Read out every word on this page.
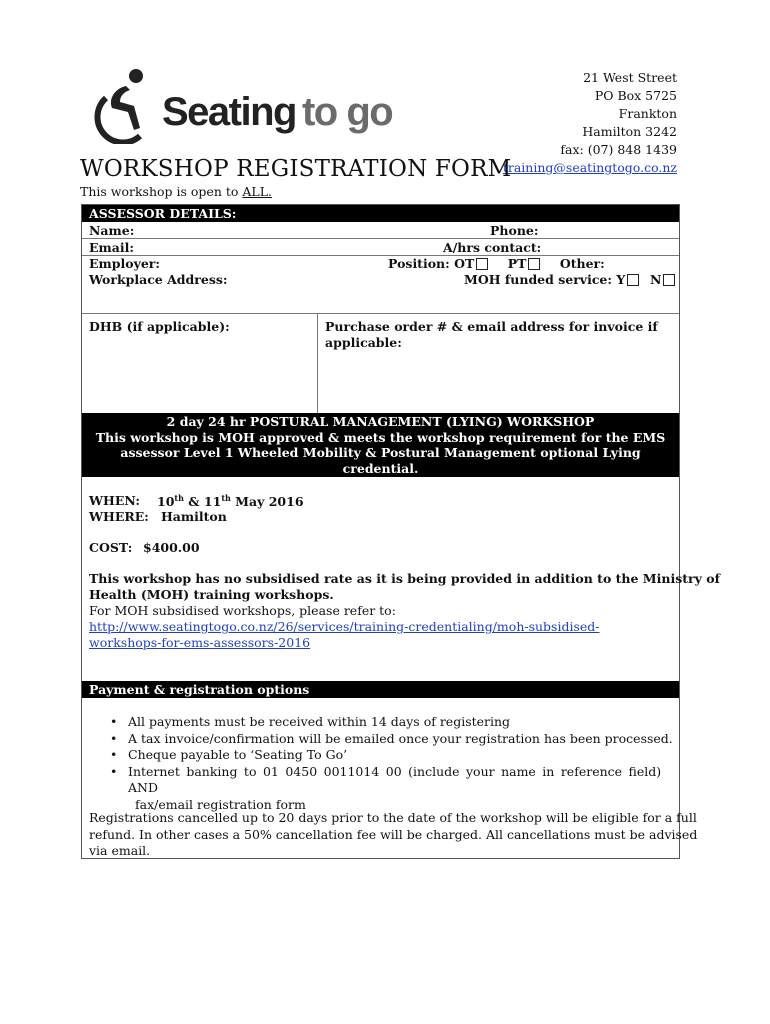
Seating to go
21 West Street
PO Box 5725
Frankton
Hamilton 3242
fax: (07) 848 1439
training@seatingtogo.co.nz
WORKSHOP REGISTRATION FORM
This workshop is open to ALL.
ASSESSOR DETAILS:
Name:	Phone:
Email:	A/hrs contact:
Employer:	Position: OT	PT	Other:
Workplace Address:	MOH funded service: Y N
DHB (if applicable):	Purchase order # & email address for invoice if
applicable:
2 day 24 hr POSTURAL MANAGEMENT (LYING) WORKSHOP
This workshop is MOH approved & meets the workshop requirement for the EMS
assessor Level 1 Wheeled Mobility & Postural Management optional Lying credential.
Costs include GST, morning & afternoon teas, & course material. 9-4.30pm daily.
WHEN: 10th & 11th May 2016
WHERE: Hamilton
COST: $400.00
This workshop has no subsidised rate as it is being provided in addition to the Ministry of
Health (MOH) training workshops.
For MOH subsidised workshops, please refer to:
http://www.seatingtogo.co.nz/26/services/training-credentialing/moh-subsidised-
workshops-for-ems-assessors-2016
Payment & registration options
• All payments must be received within 14 days of registering
• A tax invoice/confirmation will be emailed once your registration has been processed.
• Cheque payable to ‘Seating To Go’
• Internet banking to 01 0450 0011014 00 (include your name in reference field) AND
fax/email registration form
Registrations cancelled up to 20 days prior to the date of the workshop will be eligible for a full
refund. In other cases a 50% cancellation fee will be charged. All cancellations must be advised
via email.
